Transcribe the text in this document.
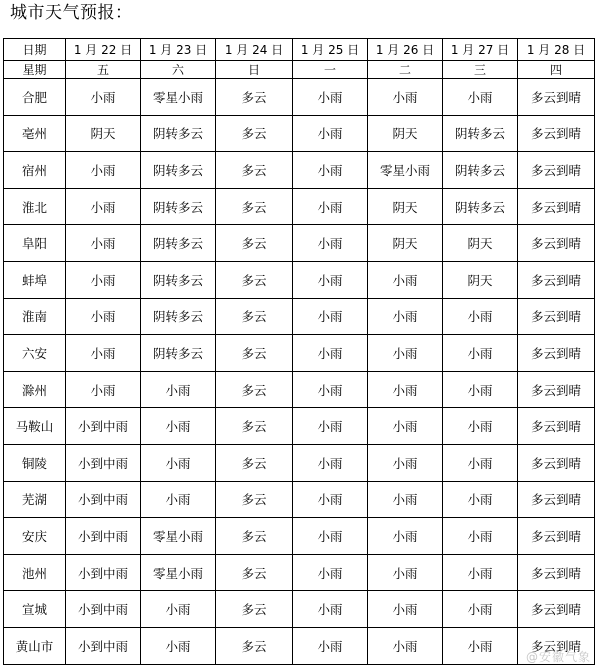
城市天气预报：
日期	1 月 22 日	1 月 23 日	1 月 24 日	1 月 25 日	1 月 26 日	1 月 27 日	1 月 28 日
星期	五	六	日	一	二	三	四
合肥	小雨	零星小雨	多云	小雨	小雨	小雨	多云到晴
亳州	阴天	阴转多云	多云	小雨	阴天	阴转多云	多云到晴
宿州	小雨	阴转多云	多云	小雨	零星小雨	阴转多云	多云到晴
淮北	小雨	阴转多云	多云	小雨	阴天	阴转多云	多云到晴
阜阳	小雨	阴转多云	多云	小雨	阴天	阴天	多云到晴
蚌埠	小雨	阴转多云	多云	小雨	小雨	阴天	多云到晴
淮南	小雨	阴转多云	多云	小雨	小雨	小雨	多云到晴
六安	小雨	阴转多云	多云	小雨	小雨	小雨	多云到晴
滁州	小雨	小雨	多云	小雨	小雨	小雨	多云到晴
马鞍山	小到中雨	小雨	多云	小雨	小雨	小雨	多云到晴
铜陵	小到中雨	小雨	多云	小雨	小雨	小雨	多云到晴
芜湖	小到中雨	小雨	多云	小雨	小雨	小雨	多云到晴
安庆	小到中雨	零星小雨	多云	小雨	小雨	小雨	多云到晴
池州	小到中雨	零星小雨	多云	小雨	小雨	小雨	多云到晴
宣城	小到中雨	小雨	多云	小雨	小雨	小雨	多云到晴
黄山市	小到中雨	小雨	多云	小雨	小雨	小雨	多云到晴
@安徽气象
